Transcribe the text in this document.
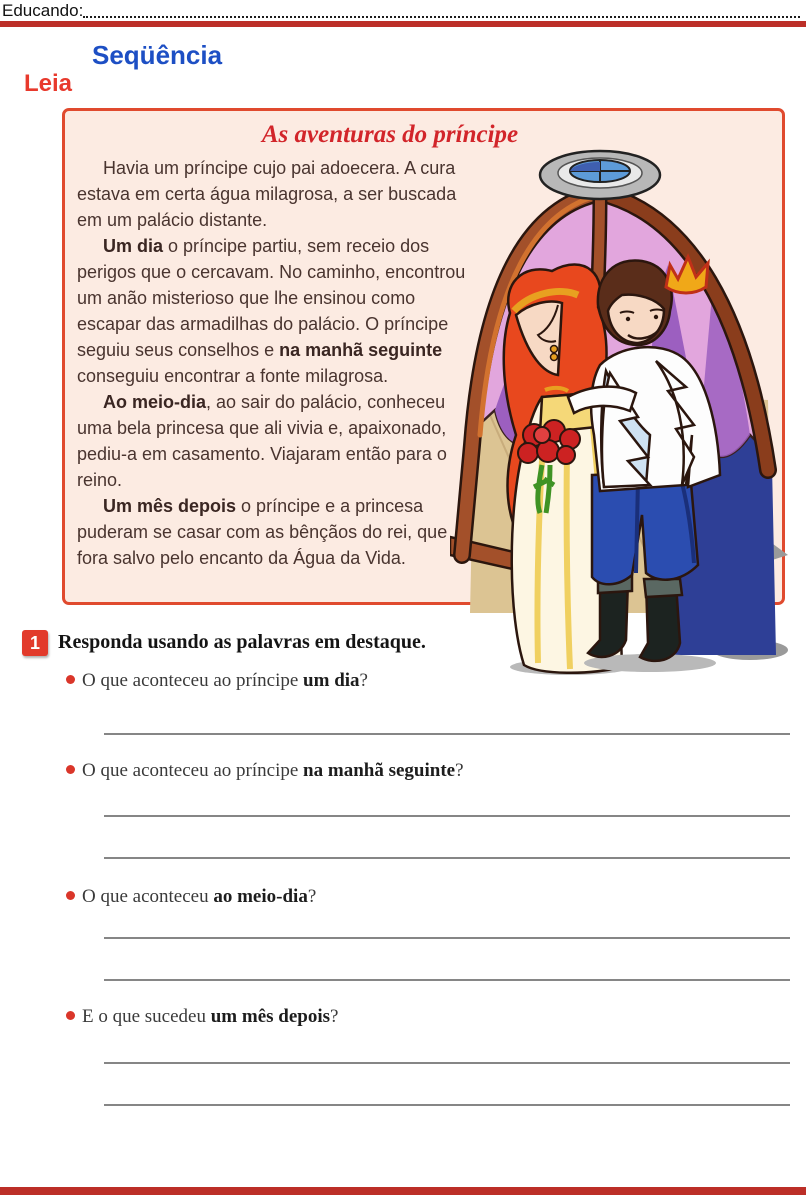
Educando:
Seqüência
Leia
As aventuras do príncipe

Havia um príncipe cujo pai adoecera. A cura estava em certa água milagrosa, a ser buscada em um palácio distante.

Um dia o príncipe partiu, sem receio dos perigos que o cercavam. No caminho, encontrou um anão misterioso que lhe ensinou como escapar das armadilhas do palácio. O príncipe seguiu seus conselhos e na manhã seguinte conseguiu encontrar a fonte milagrosa.

Ao meio-dia, ao sair do palácio, conheceu uma bela princesa que ali vivia e, apaixonado, pediu-a em casamento. Viajaram então para o reino.

Um mês depois o príncipe e a princesa puderam se casar com as bênçãos do rei, que fora salvo pelo encanto da Água da Vida.

1 Responda usando as palavras em destaque.
O que aconteceu ao príncipe um dia?
O que aconteceu ao príncipe na manhã seguinte?
O que aconteceu ao meio-dia?
E o que sucedeu um mês depois?
